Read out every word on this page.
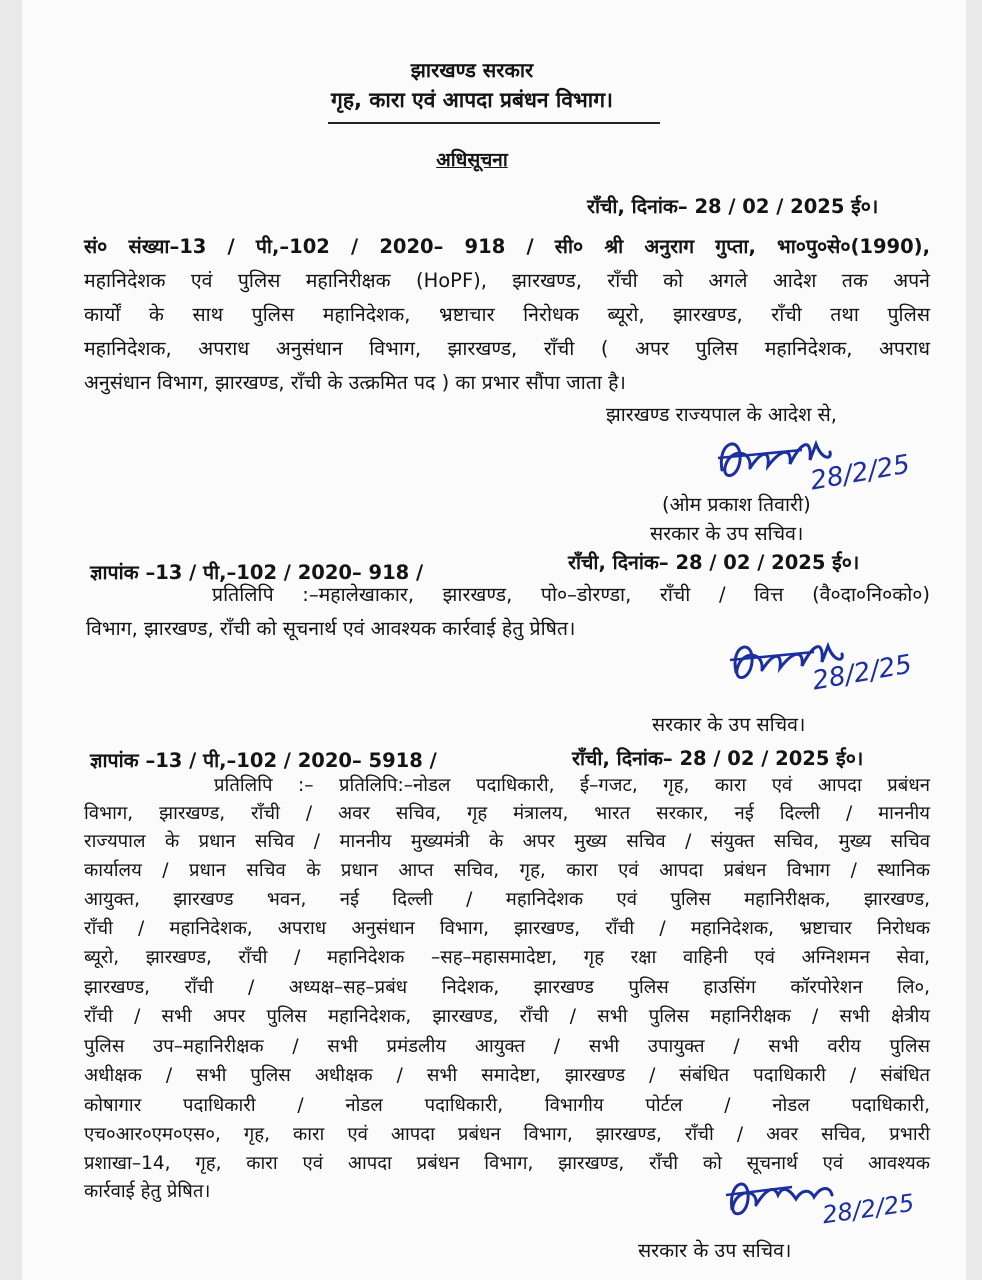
झारखण्ड सरकार
गृह, कारा एवं आपदा प्रबंधन विभाग।
अधिसूचना
राँची, दिनांक– 28 / 02 / 2025 ई०।
सं० संख्या–13 / पी,–102 / 2020– 918 / सी० श्री अनुराग गुप्ता, भा०पु०से०(1990),
महानिदेशक एवं पुलिस महानिरीक्षक (HoPF), झारखण्ड, राँची को अगले आदेश तक अपने
कार्यों के साथ पुलिस महानिदेशक, भ्रष्टाचार निरोधक ब्यूरो, झारखण्ड, राँची तथा पुलिस
महानिदेशक, अपराध अनुसंधान विभाग, झारखण्ड, राँची ( अपर पुलिस महानिदेशक, अपराध
अनुसंधान विभाग, झारखण्ड, राँची के उत्क्रमित पद ) का प्रभार सौंपा जाता है।
झारखण्ड राज्यपाल के आदेश से,
28/2/25
(ओम प्रकाश तिवारी)
सरकार के उप सचिव।
ज्ञापांक –13 / पी,–102 / 2020– 918 /	राँची, दिनांक– 28 / 02 / 2025 ई०।
प्रतिलिपि :–महालेखाकार, झारखण्ड, पो०–डोरण्डा, राँची / वित्त (वै०दा०नि०को०)
विभाग, झारखण्ड, राँची को सूचनार्थ एवं आवश्यक कार्रवाई हेतु प्रेषित।
28/2/25
सरकार के उप सचिव।
ज्ञापांक –13 / पी,–102 / 2020– 5918 /	राँची, दिनांक– 28 / 02 / 2025 ई०।
प्रतिलिपि :– प्रतिलिपि:–नोडल पदाधिकारी, ई–गजट, गृह, कारा एवं आपदा प्रबंधन
विभाग, झारखण्ड, राँची / अवर सचिव, गृह मंत्रालय, भारत सरकार, नई दिल्ली / माननीय
राज्यपाल के प्रधान सचिव / माननीय मुख्यमंत्री के अपर मुख्य सचिव / संयुक्त सचिव, मुख्य सचिव
कार्यालय / प्रधान सचिव के प्रधान आप्त सचिव, गृह, कारा एवं आपदा प्रबंधन विभाग / स्थानिक
आयुक्त, झारखण्ड भवन, नई दिल्ली / महानिदेशक एवं पुलिस महानिरीक्षक, झारखण्ड,
राँची / महानिदेशक, अपराध अनुसंधान विभाग, झारखण्ड, राँची / महानिदेशक, भ्रष्टाचार निरोधक
ब्यूरो, झारखण्ड, राँची / महानिदेशक –सह–महासमादेष्टा, गृह रक्षा वाहिनी एवं अग्निशमन सेवा,
झारखण्ड, राँची / अध्यक्ष–सह–प्रबंध निदेशक, झारखण्ड पुलिस हाउसिंग कॉरपोरेशन लि०,
राँची / सभी अपर पुलिस महानिदेशक, झारखण्ड, राँची / सभी पुलिस महानिरीक्षक / सभी क्षेत्रीय
पुलिस उप–महानिरीक्षक / सभी प्रमंडलीय आयुक्त / सभी उपायुक्त / सभी वरीय पुलिस
अधीक्षक / सभी पुलिस अधीक्षक / सभी समादेष्टा, झारखण्ड / संबंधित पदाधिकारी / संबंधित
कोषागार पदाधिकारी / नोडल पदाधिकारी, विभागीय पोर्टल / नोडल पदाधिकारी,
एच०आर०एम०एस०, गृह, कारा एवं आपदा प्रबंधन विभाग, झारखण्ड, राँची / अवर सचिव, प्रभारी
प्रशाखा–14, गृह, कारा एवं आपदा प्रबंधन विभाग, झारखण्ड, राँची को सूचनार्थ एवं आवश्यक
कार्रवाई हेतु प्रेषित।	28/2/25
सरकार के उप सचिव।
